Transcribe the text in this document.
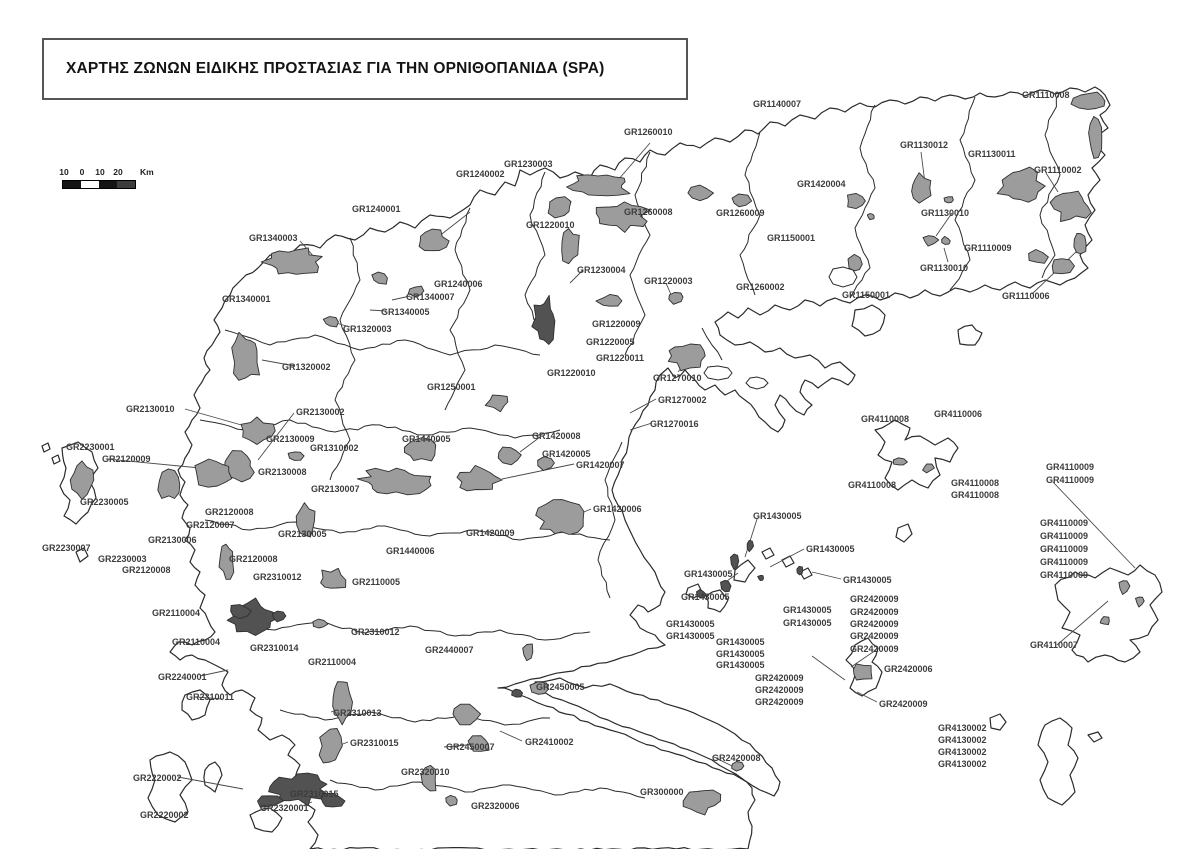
ΧΑΡΤΗΣ ΖΩΝΩΝ ΕΙΔΙΚΗΣ ΠΡΟΣΤΑΣΙΑΣ ΓΙΑ ΤΗΝ ΟΡΝΙΘΟΠΑΝΙΔΑ (SPA)
10	0	10	20	Km
GR1140007
GR1110008
GR1260010
GR1130012
GR1130011
GR1110002
GR1230003
GR1240002
GR1420004
GR1240001	GR1260008	GR1260009	GR1130010
GR1220010
GR1340003	GR1150001
GR1110009
GR1130010
GR1230004
GR1220003
GR1260002
GR1150001	GR1110006
GR1240006
GR1340001	GR1340007
GR1340005
GR1320003	GR1220009
GR1220005
GR1220011
GR1220010	GR1270010
GR1320002
GR1250001
GR1270002
GR1270016
GR2130010	GR2130002
GR4110008	GR4110006
GR2230001
GR2130009
GR1310002
GR2120009
GR1440005
GR2130008
GR1420008
GR1420005
GR1420007
GR2130007
GR2230005
GR2120008
GR2120007
GR4110008	GR4110008
GR4110008
GR4110009
GR4110009
GR1420006
GR1420009
GR2130005
GR1440006
GR2130006
GR2230007
GR2230003
GR2120008
GR2120008
GR2310012	GR2110005
GR2110004
GR2110004
GR2310014
GR2110004
GR2310012
GR2440007
GR2240001
GR2310011
GR2310013
GR2310015	GR2450007	GR2410002
GR2450005
GR2320010
GR2420008
GR2220002
GR2310015
GR2320001
GR2220002
GR2320006
GR300000
GR1430005
GR1430005
GR1430005
GR1430005
GR1430005
GR1430005
GR1430005
GR1430005
GR1430005
GR1430005
GR1430005
GR1430005
GR2420009
GR2420009
GR2420009
GR2420009
GR2420009
GR2420006
GR2420009
GR2420009
GR2420009	GR2420009
GR4110009
GR4110009
GR4110009
GR4110009
GR4110009
GR4110007
GR4130002
GR4130002
GR4130002
GR4130002
